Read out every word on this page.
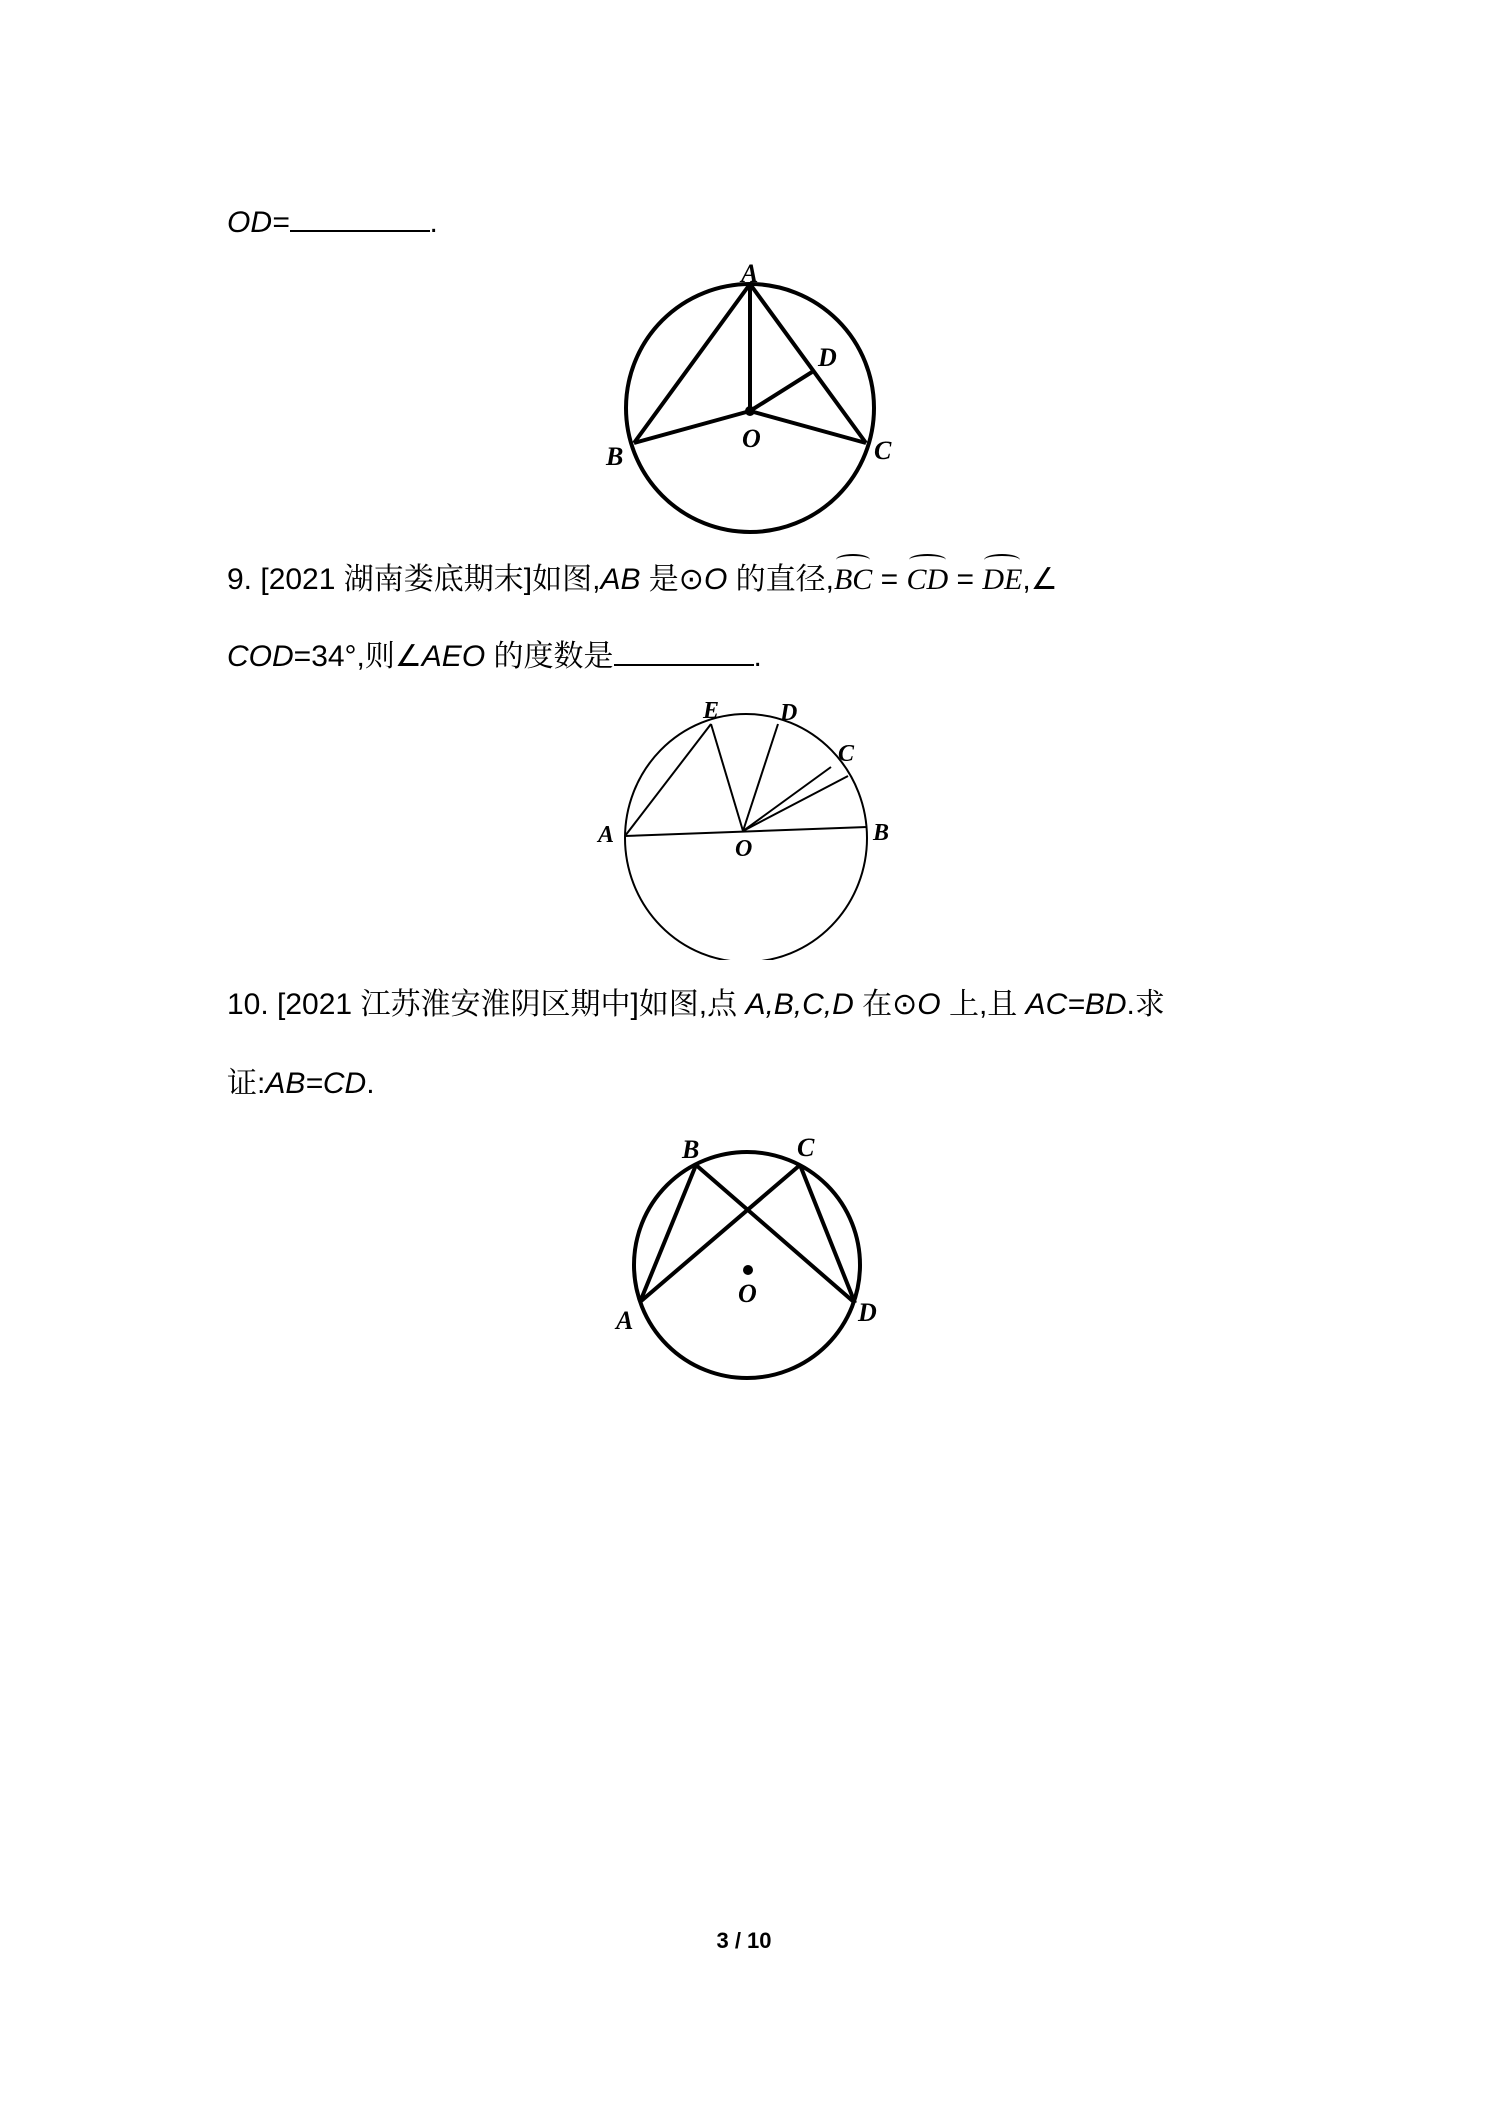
OD=	.
A
D
O
B	C
9. [2021 湖南娄底期末]如图,AB 是⊙O 的直径,BC = CD = DE,∠
COD=34°,则∠AEO 的度数是	.
E	D
C
A	B
O
10. [2021 江苏淮安淮阴区期中]如图,点 A,B,C,D 在⊙O 上,且 AC=BD.求
证:AB=CD.
B	C
O
A	D
3 / 10
